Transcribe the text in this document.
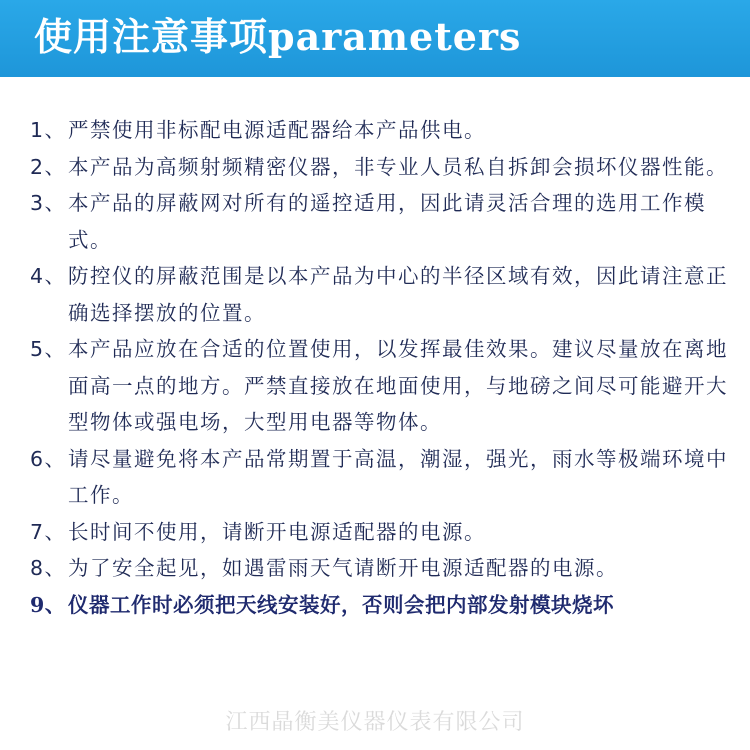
使用注意事项parameters
1、 严禁使用非标配电源适配器给本产品供电。
2、 本产品为高频射频精密仪器，非专业人员私自拆卸会损坏仪器性能。
3、 本产品的屏蔽网对所有的遥控适用，因此请灵活合理的选用工作模式。
4、 防控仪的屏蔽范围是以本产品为中心的半径区域有效，因此请注意正确选择摆放的位置。
5、 本产品应放在合适的位置使用，以发挥最佳效果。建议尽量放在离地面高一点的地方。严禁直接放在地面使用，与地磅之间尽可能避开大型物体或强电场，大型用电器等物体。
6、 请尽量避免将本产品常期置于高温，潮湿，强光，雨水等极端环境中工作。
7、 长时间不使用，请断开电源适配器的电源。
8、 为了安全起见，如遇雷雨天气请断开电源适配器的电源。
9、 仪器工作时必须把天线安装好，否则会把内部发射模块烧坏
江西晶衡美仪器仪表有限公司
